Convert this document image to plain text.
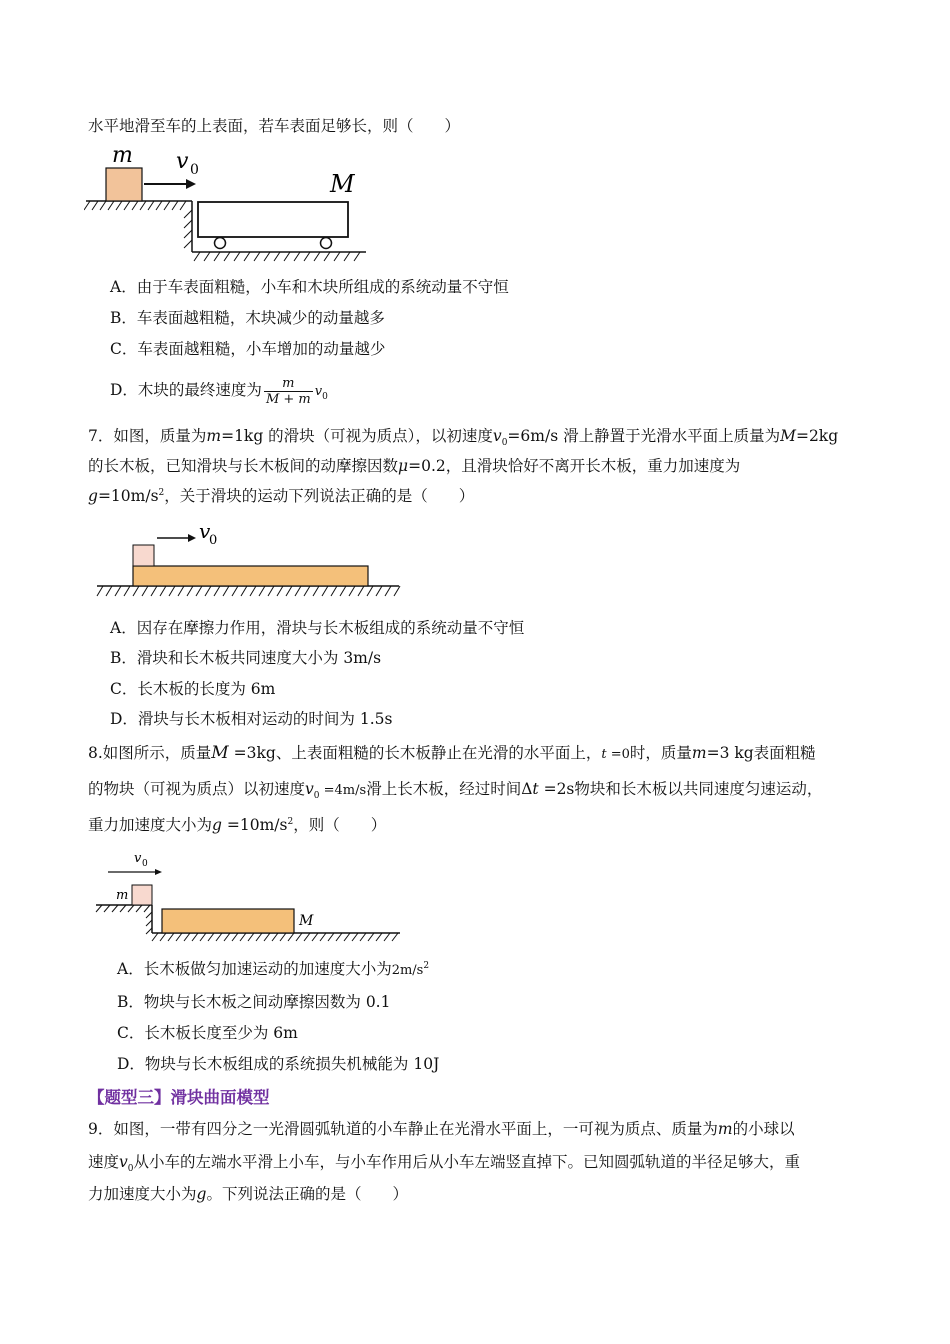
水平地滑至车的上表面，若车表面足够长，则（　　）
m v 0	M
A．由于车表面粗糙，小车和木块所组成的系统动量不守恒
B．车表面越粗糙，木块减少的动量越多
C．车表面越粗糙，小车增加的动量越少
D．木块的最终速度为 $\frac{m}{M + m} v_0$
7．如图，质量为m=1kg 的滑块（可视为质点），以初速度$v_0=6m/s$ 滑上静置于光滑水平面上质量为M=2kg
的长木板，已知滑块与长木板间的动摩擦因数μ=0.2，且滑块恰好不离开长木板，重力加速度为
$g=10m/s^2$，关于滑块的运动下列说法正确的是（　　）
v
0
A．因存在摩擦力作用，滑块与长木板组成的系统动量不守恒
B．滑块和长木板共同速度大小为 3m/s
C．长木板的长度为 6m
D．滑块与长木板相对运动的时间为 1.5s
8.如图所示，质量M =3kg、上表面粗糙的长木板静止在光滑的水平面上，t =0时，质量m=3 kg表面粗糙
的物块（可视为质点）以初速度$v_0 =4m/s$滑上长木板，经过时间Δt =2s物块和长木板以共同速度匀速运动，
重力加速度大小为$g =10m/s^2$，则（　　）
m
v 0
M
A．长木板做匀加速运动的加速度大小为$2m/s^2$
B．物块与长木板之间动摩擦因数为 0.1
C．长木板长度至少为 6m
D．物块与长木板组成的系统损失机械能为 10J
【题型三】滑块曲面模型
9．如图，一带有四分之一光滑圆弧轨道的小车静止在光滑水平面上，一可视为质点、质量为m的小球以
速度$v_0$从小车的左端水平滑上小车，与小车作用后从小车左端竖直掉下。已知圆弧轨道的半径足够大，重
力加速度大小为g。下列说法正确的是（　　）
